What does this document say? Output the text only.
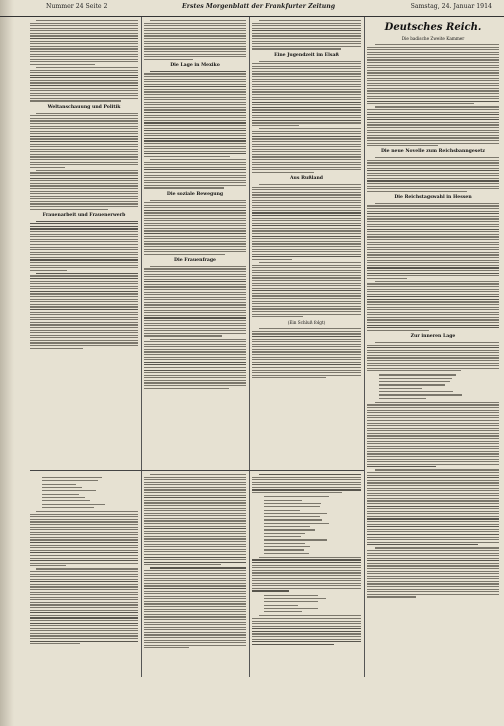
Nummer 24 Seite 2	Erstes Morgenblatt der Frankfurter Zeitung	Samstag, 24. Januar 1914
Weltanschauung und Politik
Frauenarbeit und Frauenerwerb
Die Lage in Mexiko
Die soziale Bewegung
Die Frauenfrage
Eine Jugendzeit im Elsaß
Aus Rußland
(Ein Schluß folgt)
Deutsches Reich.
Die badische Zweite Kammer
Die neue Novelle zum Reichsbanngesetz
Die Reichstagswahl in Hessen
Zur inneren Lage
